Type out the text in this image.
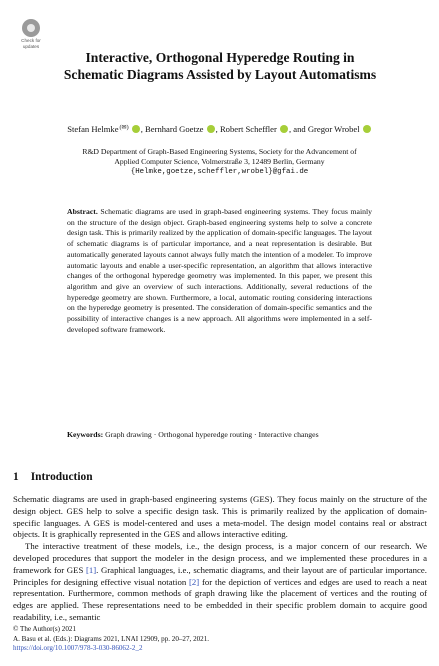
Check for
updates
Interactive, Orthogonal Hyperedge Routing in Schematic Diagrams Assisted by Layout Automatisms
Stefan Helmke(✉) , Bernhard Goetze , Robert Scheffler , and Gregor Wrobel
R&D Department of Graph-Based Engineering Systems, Society for the Advancement of
Applied Computer Science, Volmerstraße 3, 12489 Berlin, Germany
{Helmke,goetze,scheffler,wrobel}@gfai.de
Abstract. Schematic diagrams are used in graph-based engineering systems. They focus mainly on the structure of the design object. Graph-based engineering systems help to solve a concrete design task. This is primarily realized by the application of domain-specific languages. The layout of schematic diagrams is of particular importance, and a neat representation is desirable. But automatically generated layouts cannot always fully match the intention of a modeler. To improve automatic layouts and enable a user-specific representation, an algorithm that allows interactive changes of the orthogonal hyperedge geometry was implemented. In this paper, we present this algorithm and give an overview of such interactions. Additionally, several reductions of the hyperedge geometry are shown. Furthermore, a local, automatic routing considering interactions on the hyperedge geometry is presented. The consideration of domain-specific semantics and the possibility of interactive changes is a new approach. All algorithms were implemented in a self-developed software framework.
Keywords: Graph drawing · Orthogonal hyperedge routing · Interactive changes
1 Introduction

Schematic diagrams are used in graph-based engineering systems (GES). They focus mainly on the structure of the design object. GES help to solve a specific design task. This is primarily realized by the application of domain-specific languages. A GES is model-centered and uses a meta-model. The design model contains real or abstract objects. It is graphically represented in the GES and allows interactive editing.

The interactive treatment of these models, i.e., the design process, is a major concern of our research. We developed procedures that support the modeler in the design process, and we implemented these procedures in a framework for GES [1]. Graphical languages, i.e., schematic diagrams, and their layout are of particular importance. Principles for designing effective visual notation [2] for the depiction of vertices and edges are used to reach a neat representation. Furthermore, common methods of graph drawing like the placement of vertices and the routing of edges are applied. These representations need to be embedded in their specific problem domain to acquire good readability, i.e., semantic

© The Author(s) 2021
A. Basu et al. (Eds.): Diagrams 2021, LNAI 12909, pp. 20–27, 2021.
https://doi.org/10.1007/978-3-030-86062-2_2
